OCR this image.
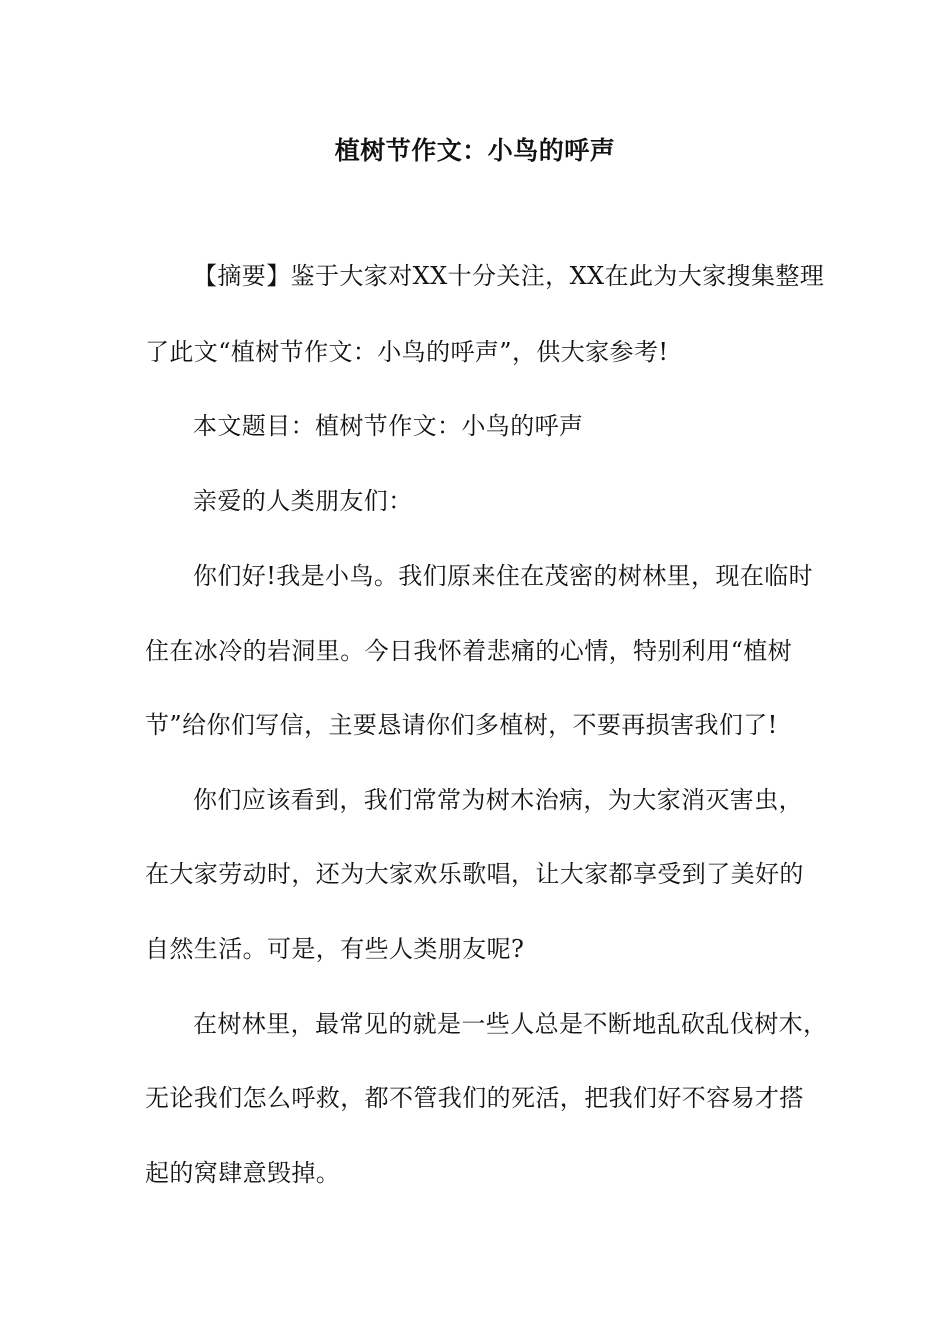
植树节作文：小鸟的呼声
【摘要】鉴于大家对XX十分关注，XX在此为大家搜集整理
了此文“植树节作文：小鸟的呼声”，供大家参考!
本文题目：植树节作文：小鸟的呼声
亲爱的人类朋友们：
你们好!我是小鸟。我们原来住在茂密的树林里，现在临时
住在冰冷的岩洞里。今日我怀着悲痛的心情，特别利用“植树
节”给你们写信，主要恳请你们多植树，不要再损害我们了!
你们应该看到，我们常常为树木治病，为大家消灭害虫，
在大家劳动时，还为大家欢乐歌唱，让大家都享受到了美好的
自然生活。可是，有些人类朋友呢?
在树林里，最常见的就是一些人总是不断地乱砍乱伐树木，
无论我们怎么呼救，都不管我们的死活，把我们好不容易才搭
起的窝肆意毁掉。
